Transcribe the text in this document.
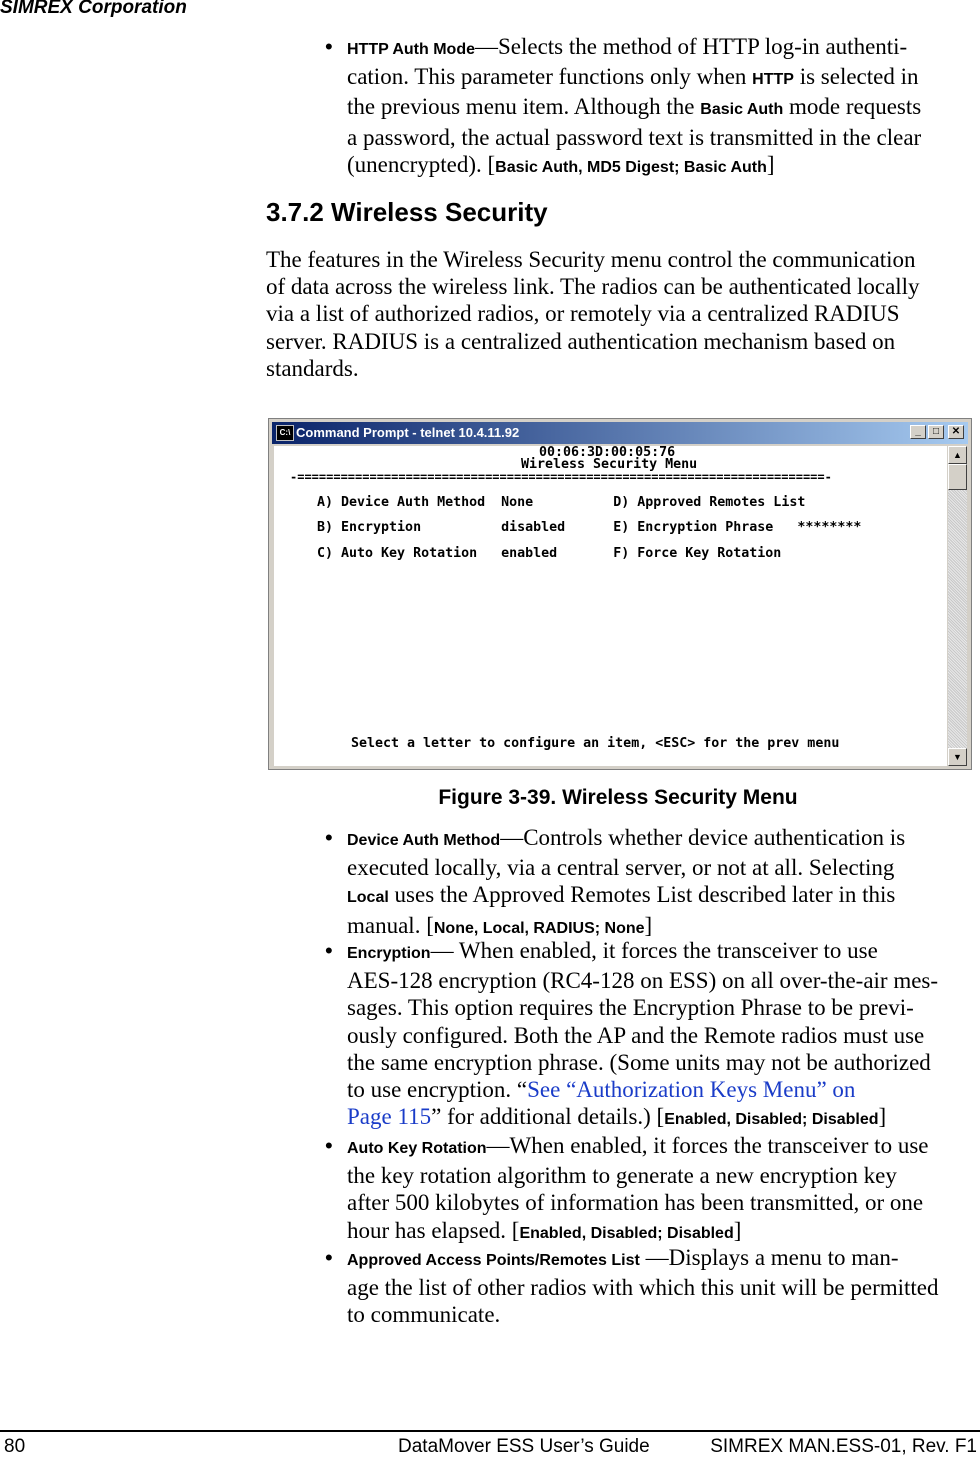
SIMREX Corporation
• HTTP Auth Mode—Selects the method of HTTP log-in authenti-

cation. This parameter functions only when HTTP is selected in

the previous menu item. Although the Basic Auth mode requests

a password, the actual password text is transmitted in the clear

(unencrypted). [Basic Auth, MD5 Digest; Basic Auth]

3.7.2 Wireless Security

The features in the Wireless Security menu control the communication

of data across the wireless link. The radios can be authenticated locally

via a list of authorized radios, or remotely via a centralized RADIUS

server. RADIUS is a centralized authentication mechanism based on

standards.

C:\ Command Prompt - telnet 10.4.11.92	_	□	✕

00:06:3D:00:05:76

Wireless Security Menu

-=========================================================================-

A) Device Auth Method  None          D) Approved Remotes List

B) Encryption          disabled      E) Encryption Phrase   ********

C) Auto Key Rotation   enabled       F) Force Key Rotation

Select a letter to configure an item, <ESC> for the prev menu

▲
▼
Figure 3-39. Wireless Security Menu
• Device Auth Method—Controls whether device authentication is

executed locally, via a central server, or not at all. Selecting

Local uses the Approved Remotes List described later in this

manual. [None, Local, RADIUS; None]

• Encryption— When enabled, it forces the transceiver to use

AES-128 encryption (RC4-128 on ESS) on all over-the-air mes-

sages. This option requires the Encryption Phrase to be previ-

ously configured. Both the AP and the Remote radios must use

the same encryption phrase. (Some units may not be authorized

to use encryption. “See “Authorization Keys Menu” on

Page 115” for additional details.) [Enabled, Disabled; Disabled]

• Auto Key Rotation—When enabled, it forces the transceiver to use

the key rotation algorithm to generate a new encryption key

after 500 kilobytes of information has been transmitted, or one

hour has elapsed. [Enabled, Disabled; Disabled]

• Approved Access Points/Remotes List —Displays a menu to man-

age the list of other radios with which this unit will be permitted

to communicate.

80	DataMover ESS User’s Guide	SIMREX MAN.ESS-01, Rev. F1
